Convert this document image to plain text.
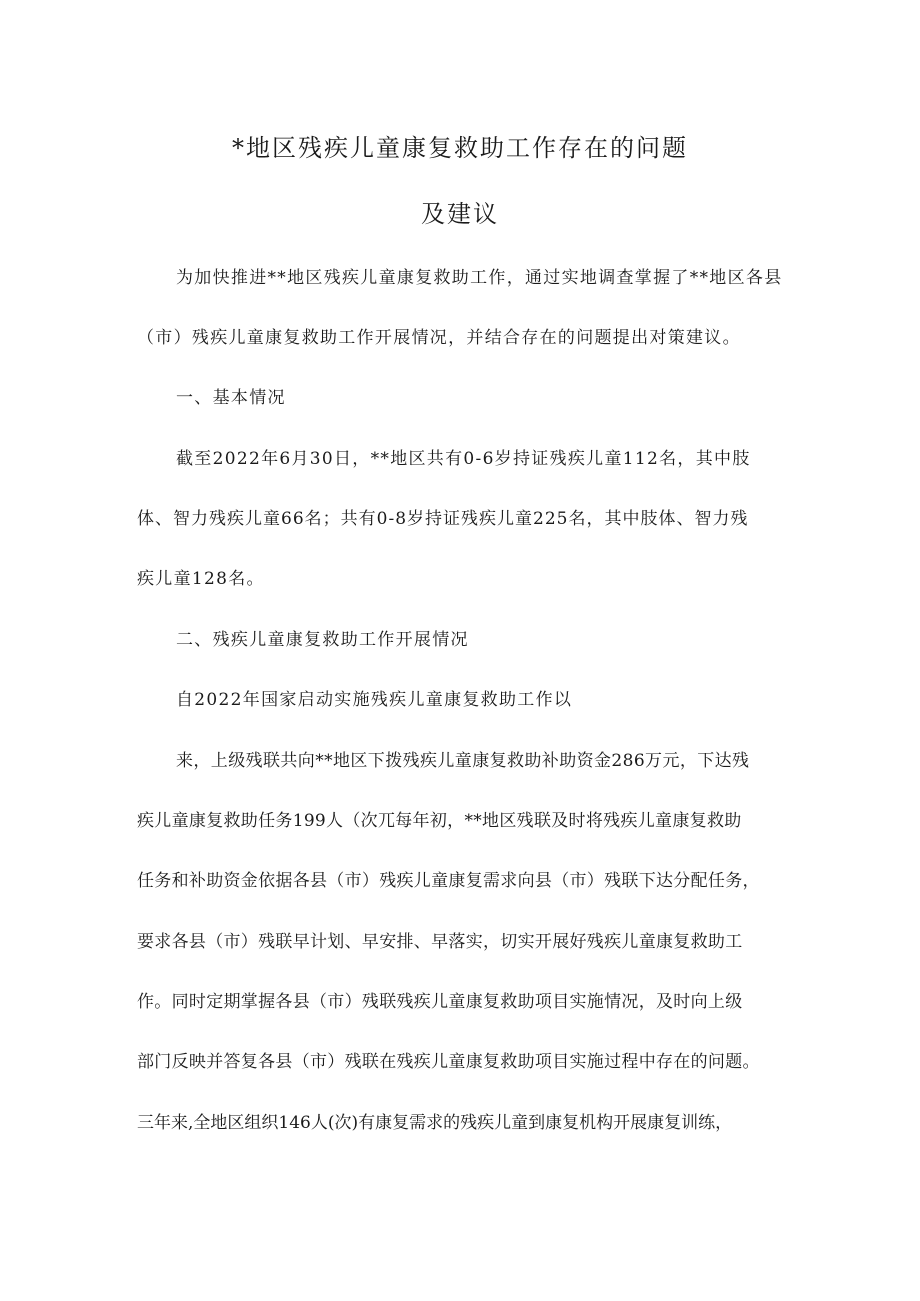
*地区残疾儿童康复救助工作存在的问题
及建议
为加快推进**地区残疾儿童康复救助工作，通过实地调查掌握了**地区各县
（市）残疾儿童康复救助工作开展情况，并结合存在的问题提出对策建议。
一、基本情况
截至2022年6月30日，**地区共有0-6岁持证残疾儿童112名，其中肢
体、智力残疾儿童66名；共有0-8岁持证残疾儿童225名，其中肢体、智力残
疾儿童128名。
二、残疾儿童康复救助工作开展情况
自2022年国家启动实施残疾儿童康复救助工作以
来，上级残联共向**地区下拨残疾儿童康复救助补助资金286万元，下达残
疾儿童康复救助任务199人（次兀每年初，**地区残联及时将残疾儿童康复救助
任务和补助资金依据各县（市）残疾儿童康复需求向县（市）残联下达分配任务，
要求各县（市）残联早计划、早安排、早落实，切实开展好残疾儿童康复救助工
作。同时定期掌握各县（市）残联残疾儿童康复救助项目实施情况，及时向上级
部门反映并答复各县（市）残联在残疾儿童康复救助项目实施过程中存在的问题。
三年来,全地区组织146人(次)有康复需求的残疾儿童到康复机构开展康复训练，
